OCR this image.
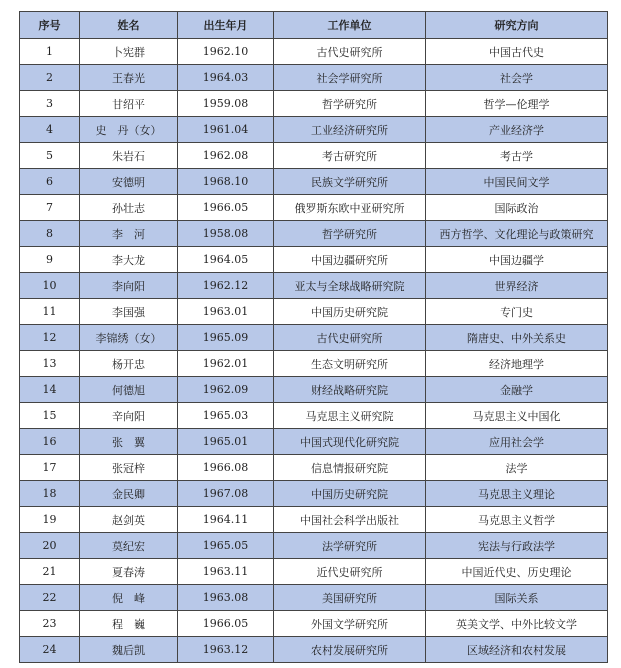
序号	姓名	出生年月	工作单位	研究方向
1	卜宪群	1962.10	古代史研究所	中国古代史
2	王春光	1964.03	社会学研究所	社会学
3	甘绍平	1959.08	哲学研究所	哲学—伦理学
4	史　丹（女）	1961.04	工业经济研究所	产业经济学
5	朱岩石	1962.08	考古研究所	考古学
6	安德明	1968.10	民族文学研究所	中国民间文学
7	孙壮志	1966.05	俄罗斯东欧中亚研究所	国际政治
8	李　河	1958.08	哲学研究所	西方哲学、文化理论与政策研究
9	李大龙	1964.05	中国边疆研究所	中国边疆学
10	李向阳	1962.12	亚太与全球战略研究院	世界经济
11	李国强	1963.01	中国历史研究院	专门史
12	李锦绣（女）	1965.09	古代史研究所	隋唐史、中外关系史
13	杨开忠	1962.01	生态文明研究所	经济地理学
14	何德旭	1962.09	财经战略研究院	金融学
15	辛向阳	1965.03	马克思主义研究院	马克思主义中国化
16	张　翼	1965.01	中国式现代化研究院	应用社会学
17	张冠梓	1966.08	信息情报研究院	法学
18	金民卿	1967.08	中国历史研究院	马克思主义理论
19	赵剑英	1964.11	中国社会科学出版社	马克思主义哲学
20	莫纪宏	1965.05	法学研究所	宪法与行政法学
21	夏春涛	1963.11	近代史研究所	中国近代史、历史理论
22	倪　峰	1963.08	美国研究所	国际关系
23	程　巍	1966.05	外国文学研究所	英美文学、中外比较文学
24	魏后凯	1963.12	农村发展研究所	区域经济和农村发展
